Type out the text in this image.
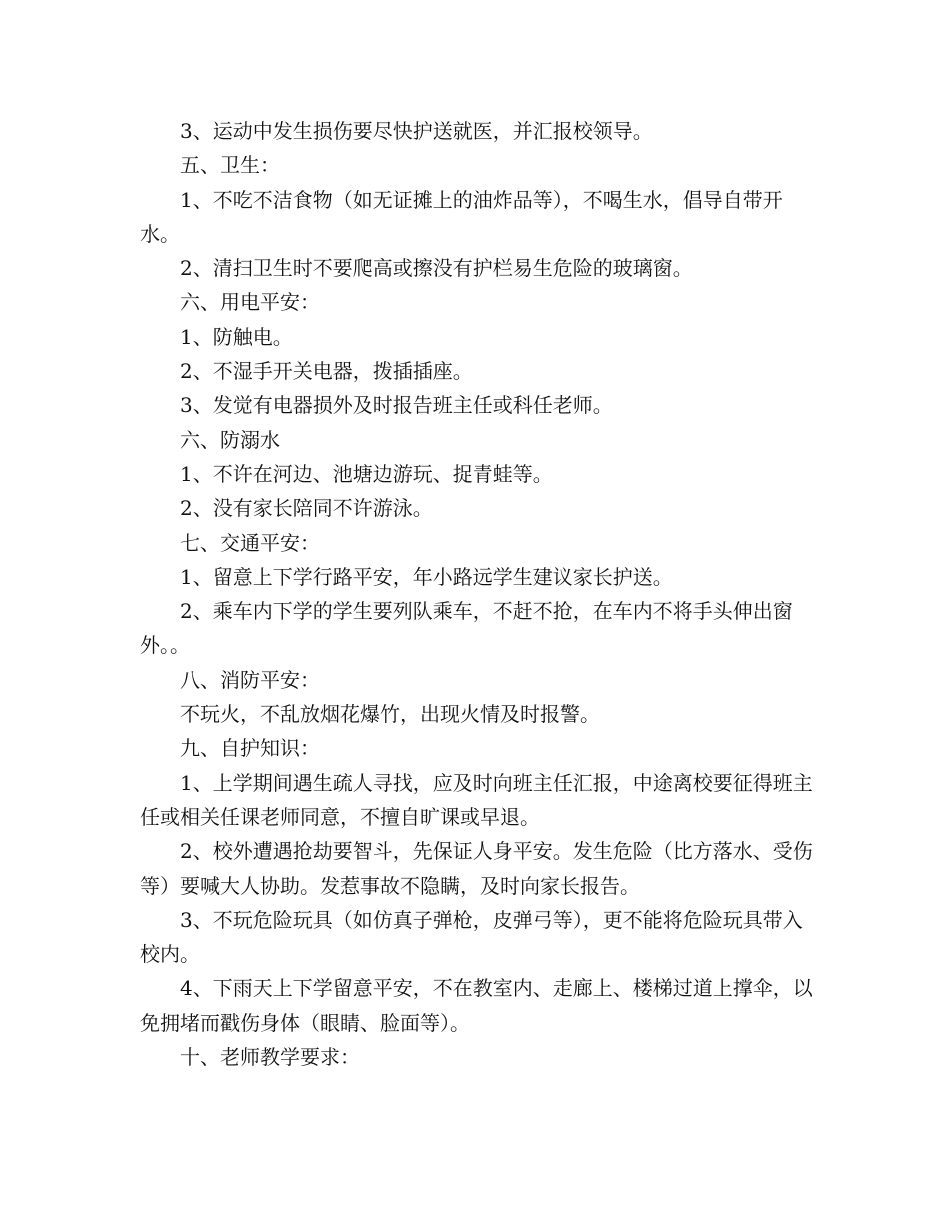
3、运动中发生损伤要尽快护送就医，并汇报校领导。

五、卫生：

1、不吃不洁食物（如无证摊上的油炸品等），不喝生水，倡导自带开水。

2、清扫卫生时不要爬高或擦没有护栏易生危险的玻璃窗。

六、用电平安：

1、防触电。

2、不湿手开关电器，拨插插座。

3、发觉有电器损外及时报告班主任或科任老师。

六、防溺水

1、不许在河边、池塘边游玩、捉青蛙等。

2、没有家长陪同不许游泳。

七、交通平安：

1、留意上下学行路平安，年小路远学生建议家长护送。

2、乘车内下学的学生要列队乘车，不赶不抢，在车内不将手头伸出窗外。。

八、消防平安：

不玩火，不乱放烟花爆竹，出现火情及时报警。

九、自护知识：

1、上学期间遇生疏人寻找，应及时向班主任汇报，中途离校要征得班主任或相关任课老师同意，不擅自旷课或早退。

2、校外遭遇抢劫要智斗，先保证人身平安。发生危险（比方落水、受伤等）要喊大人协助。发惹事故不隐瞒，及时向家长报告。

3、不玩危险玩具（如仿真子弹枪，皮弹弓等），更不能将危险玩具带入校内。

4、下雨天上下学留意平安，不在教室内、走廊上、楼梯过道上撑伞，以免拥堵而戳伤身体（眼睛、脸面等）。

十、老师教学要求：
